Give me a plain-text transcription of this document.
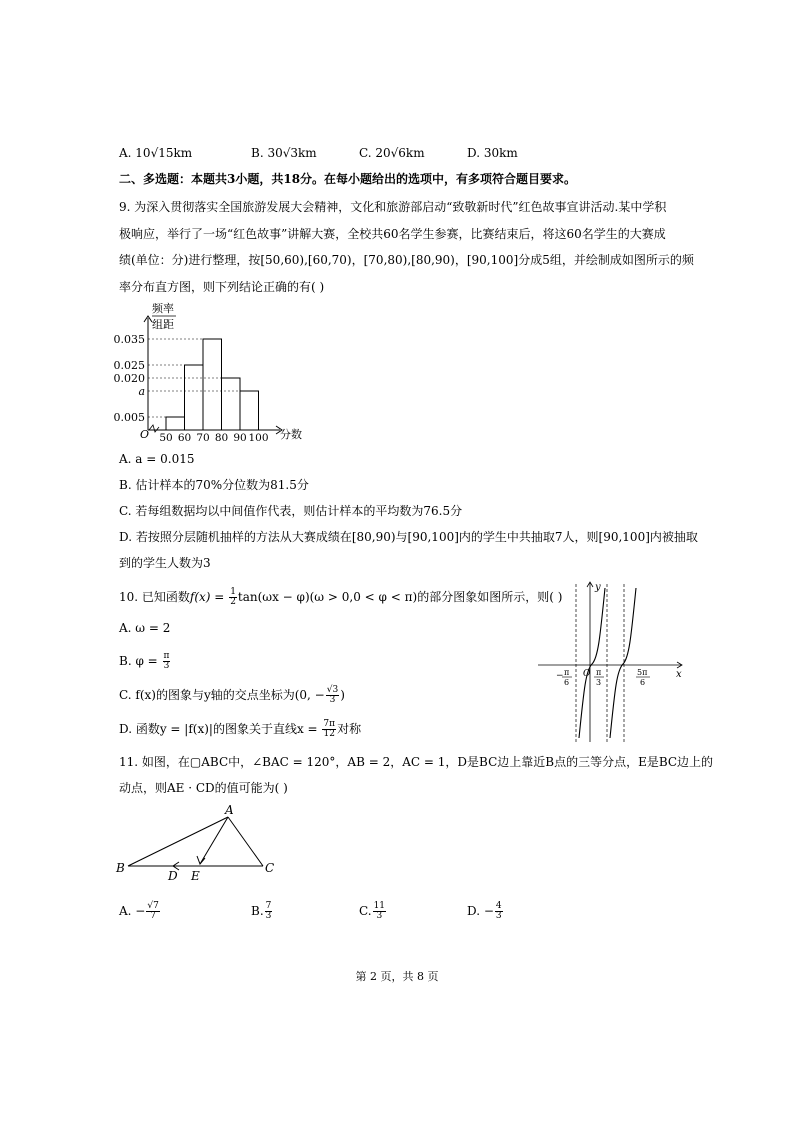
A. 10√15km	B. 30√3km	C. 20√6km	D. 30km
二、多选题：本题共3小题，共18分。在每小题给出的选项中，有多项符合题目要求。
9. 为深入贯彻落实全国旅游发展大会精神，文化和旅游部启动“致敬新时代”红色故事宣讲活动.某中学积
极响应，举行了一场“红色故事”讲解大赛，全校共60名学生参赛，比赛结束后，将这60名学生的大赛成
绩(单位：分)进行整理，按[50,60),[60,70)，[70,80),[80,90)，[90,100]分成5组，并绘制成如图所示的频
率分布直方图，则下列结论正确的有( )
0.035
0.025
0.020
a
0.005
50 60 70 80 90 100
频率
组距
O	分数
A. a = 0.015
B. 估计样本的70%分位数为81.5分
C. 若每组数据均以中间值作代表，则估计样本的平均数为76.5分
D. 若按照分层随机抽样的方法从大赛成绩在[80,90)与[90,100]内的学生中共抽取7人，则[90,100]内被抽取
到的学生人数为3
10. 已知函数$f(x) = \frac{1}{2} \tan(\omega x - \varphi)(\omega > 0,0 < \varphi < \pi)$的部分图象如图所示，则( )
A. ω = 2
B. $\varphi = \frac{\pi}{3}$
C. f(x)的图象与y轴的交点坐标为(0, − $\frac{√3}{3}$ )
D. 函数y = |f(x)|的图象关于直线$x = \frac{7\pi}{12}$ 对称
y
x
O
− π
6
π
3
5π
6
11. 如图，在▢ABC中，∠BAC = 120°，AB = 2，AC = 1，D是BC边上靠近B点的三等分点，E是BC边上的
动点，则AE · CD的值可能为( )
A
B	C
D E
A. − $\frac{√7}{7}$	B. $\frac{7}{3}$	C. $\frac{11}{3}$	D. − $\frac{4}{3}$
第 2 页，共 8 页
